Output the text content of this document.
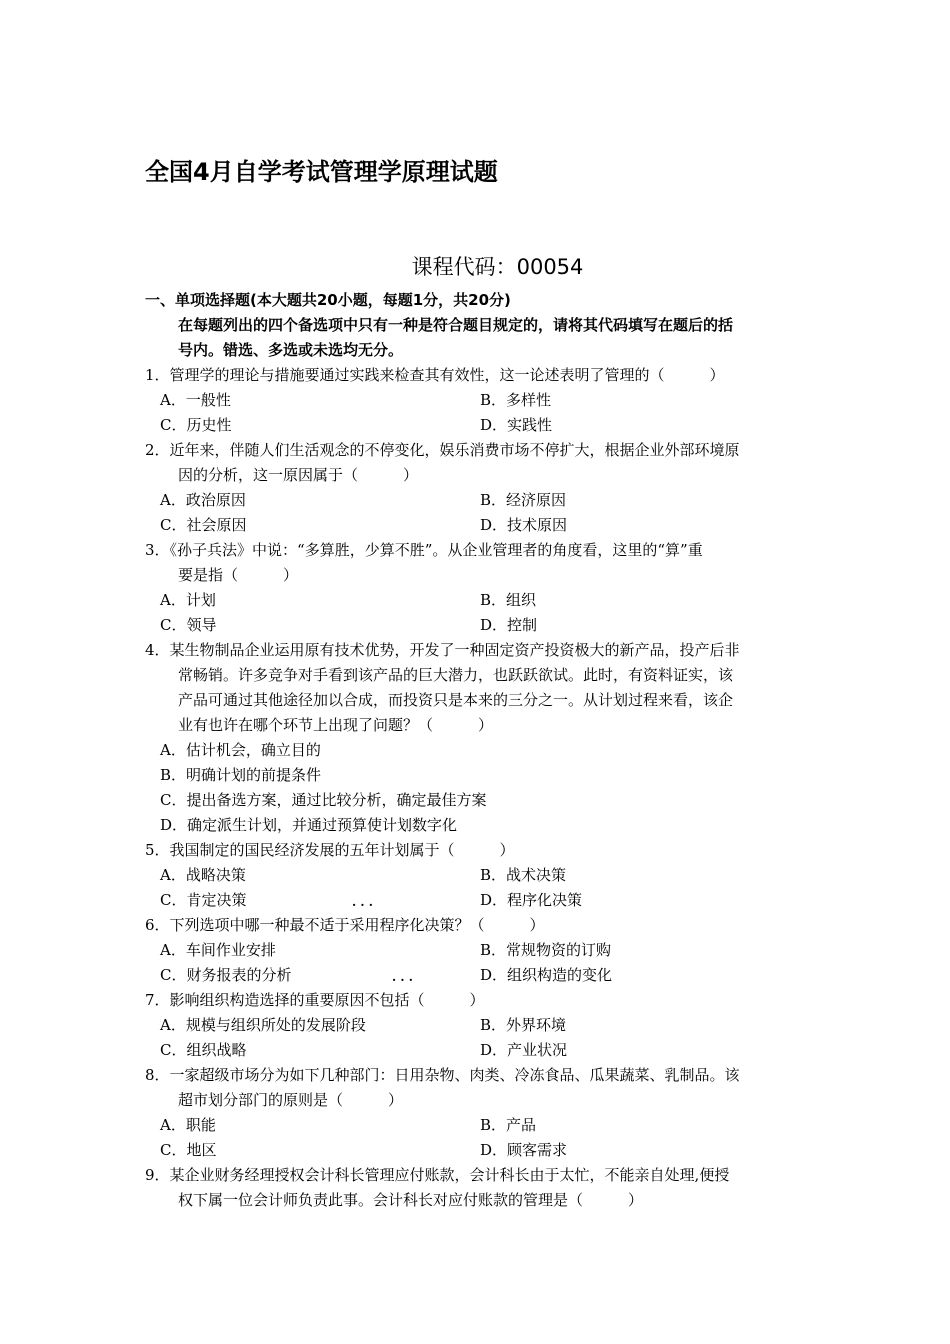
全国4月自学考试管理学原理试题
课程代码：00054
一、单项选择题(本大题共20小题，每题1分，共20分)
在每题列出的四个备选项中只有一种是符合题目规定的，请将其代码填写在题后的括
号内。错选、多选或未选均无分。
1．管理学的理论与措施要通过实践来检查其有效性，这一论述表明了管理的（　　　）
A．一般性	B．多样性
C．历史性	D．实践性
2．近年来，伴随人们生活观念的不停变化，娱乐消费市场不停扩大，根据企业外部环境原
因的分析，这一原因属于（　　　）
A．政治原因	B．经济原因
C．社会原因	D．技术原因
3．《孙子兵法》中说：“多算胜，少算不胜”。从企业管理者的角度看，这里的“算”重
要是指（　　　）
A．计划	B．组织
C．领导	D．控制
4．某生物制品企业运用原有技术优势，开发了一种固定资产投资极大的新产品，投产后非
常畅销。许多竞争对手看到该产品的巨大潜力，也跃跃欲试。此时，有资料证实，该
产品可通过其他途径加以合成，而投资只是本来的三分之一。从计划过程来看，该企
业有也许在哪个环节上出现了问题？（　　　）
A．估计机会，确立目的
B．明确计划的前提条件
C．提出备选方案，通过比较分析，确定最佳方案
D．确定派生计划，并通过预算使计划数字化
5．我国制定的国民经济发展的五年计划属于（　　　）
A．战略决策	B．战术决策
C．肯定决策	D．程序化决策
· · ·
6．下列选项中哪一种最不适于采用程序化决策？（　　　）
A．车间作业安排	B．常规物资的订购
C．财务报表的分析	D．组织构造的变化
· · ·
7．影响组织构造选择的重要原因不包括（　　　）
A．规模与组织所处的发展阶段	B．外界环境
C．组织战略	D．产业状况
8．一家超级市场分为如下几种部门：日用杂物、肉类、冷冻食品、瓜果蔬菜、乳制品。该
超市划分部门的原则是（　　　）
A．职能	B．产品
C．地区	D．顾客需求
9．某企业财务经理授权会计科长管理应付账款，会计科长由于太忙，不能亲自处理,便授
权下属一位会计师负责此事。会计科长对应付账款的管理是（　　　）
